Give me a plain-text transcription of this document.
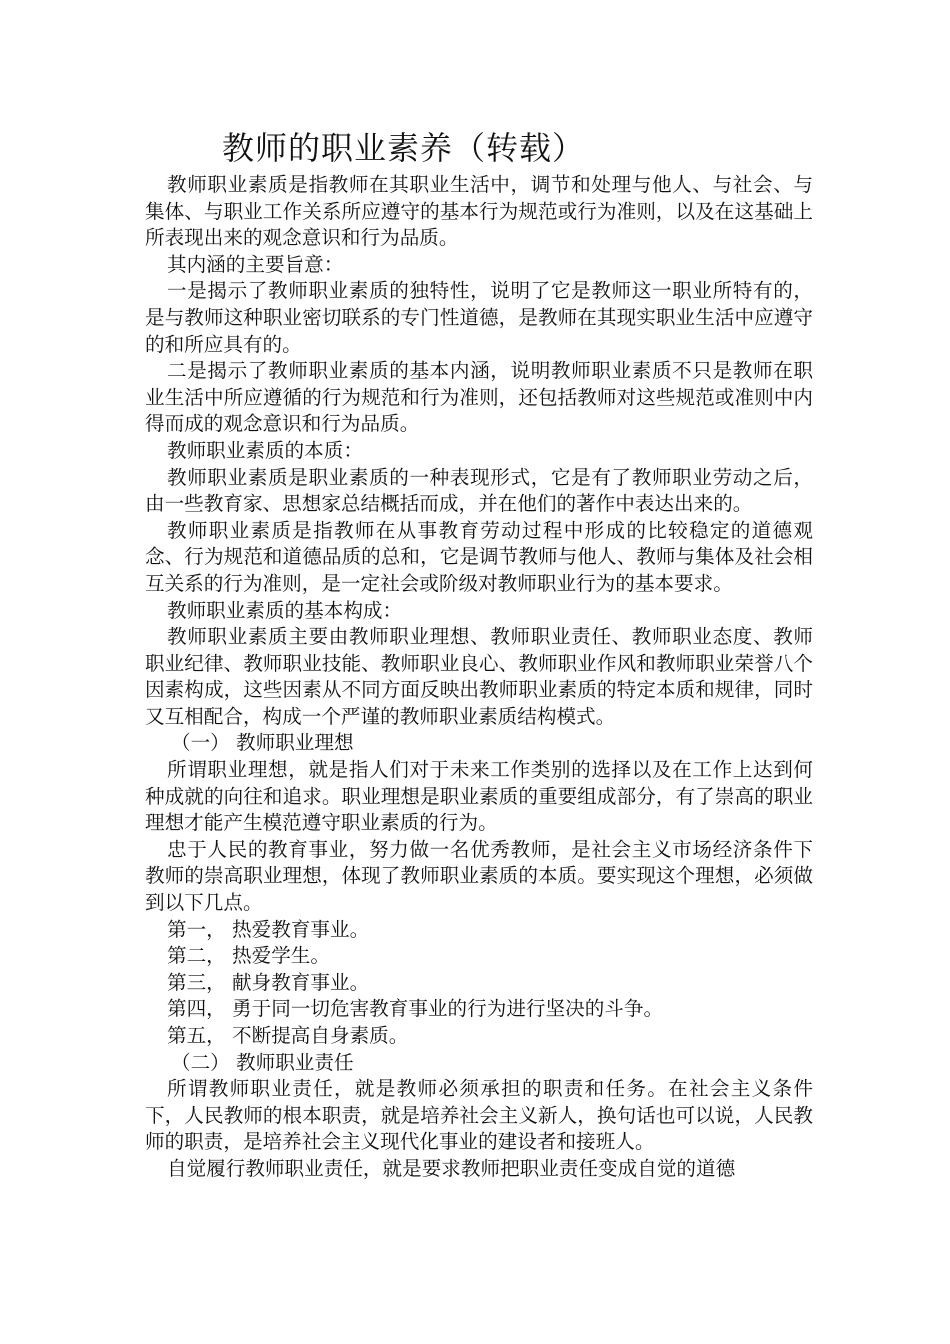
教师的职业素养（转载）

教师职业素质是指教师在其职业生活中，调节和处理与他人、与社会、与集体、与职业工作关系所应遵守的基本行为规范或行为准则，以及在这基础上所表现出来的观念意识和行为品质。

其内涵的主要旨意：

一是揭示了教师职业素质的独特性，说明了它是教师这一职业所特有的，是与教师这种职业密切联系的专门性道德，是教师在其现实职业生活中应遵守的和所应具有的。

二是揭示了教师职业素质的基本内涵，说明教师职业素质不只是教师在职业生活中所应遵循的行为规范和行为准则，还包括教师对这些规范或准则中内得而成的观念意识和行为品质。

教师职业素质的本质：

教师职业素质是职业素质的一种表现形式，它是有了教师职业劳动之后，由一些教育家、思想家总结概括而成，并在他们的著作中表达出来的。

教师职业素质是指教师在从事教育劳动过程中形成的比较稳定的道德观念、行为规范和道德品质的总和，它是调节教师与他人、教师与集体及社会相互关系的行为准则，是一定社会或阶级对教师职业行为的基本要求。

教师职业素质的基本构成：

教师职业素质主要由教师职业理想、教师职业责任、教师职业态度、教师职业纪律、教师职业技能、教师职业良心、教师职业作风和教师职业荣誉八个因素构成，这些因素从不同方面反映出教师职业素质的特定本质和规律，同时又互相配合，构成一个严谨的教师职业素质结构模式。

（一） 教师职业理想

所谓职业理想，就是指人们对于未来工作类别的选择以及在工作上达到何种成就的向往和追求。职业理想是职业素质的重要组成部分，有了崇高的职业理想才能产生模范遵守职业素质的行为。

忠于人民的教育事业，努力做一名优秀教师，是社会主义市场经济条件下教师的崇高职业理想，体现了教师职业素质的本质。要实现这个理想，必须做到以下几点。

第一， 热爱教育事业。

第二， 热爱学生。

第三， 献身教育事业。

第四， 勇于同一切危害教育事业的行为进行坚决的斗争。

第五， 不断提高自身素质。

（二） 教师职业责任

所谓教师职业责任，就是教师必须承担的职责和任务。在社会主义条件下，人民教师的根本职责，就是培养社会主义新人，换句话也可以说，人民教师的职责，是培养社会主义现代化事业的建设者和接班人。

自觉履行教师职业责任，就是要求教师把职业责任变成自觉的道德
